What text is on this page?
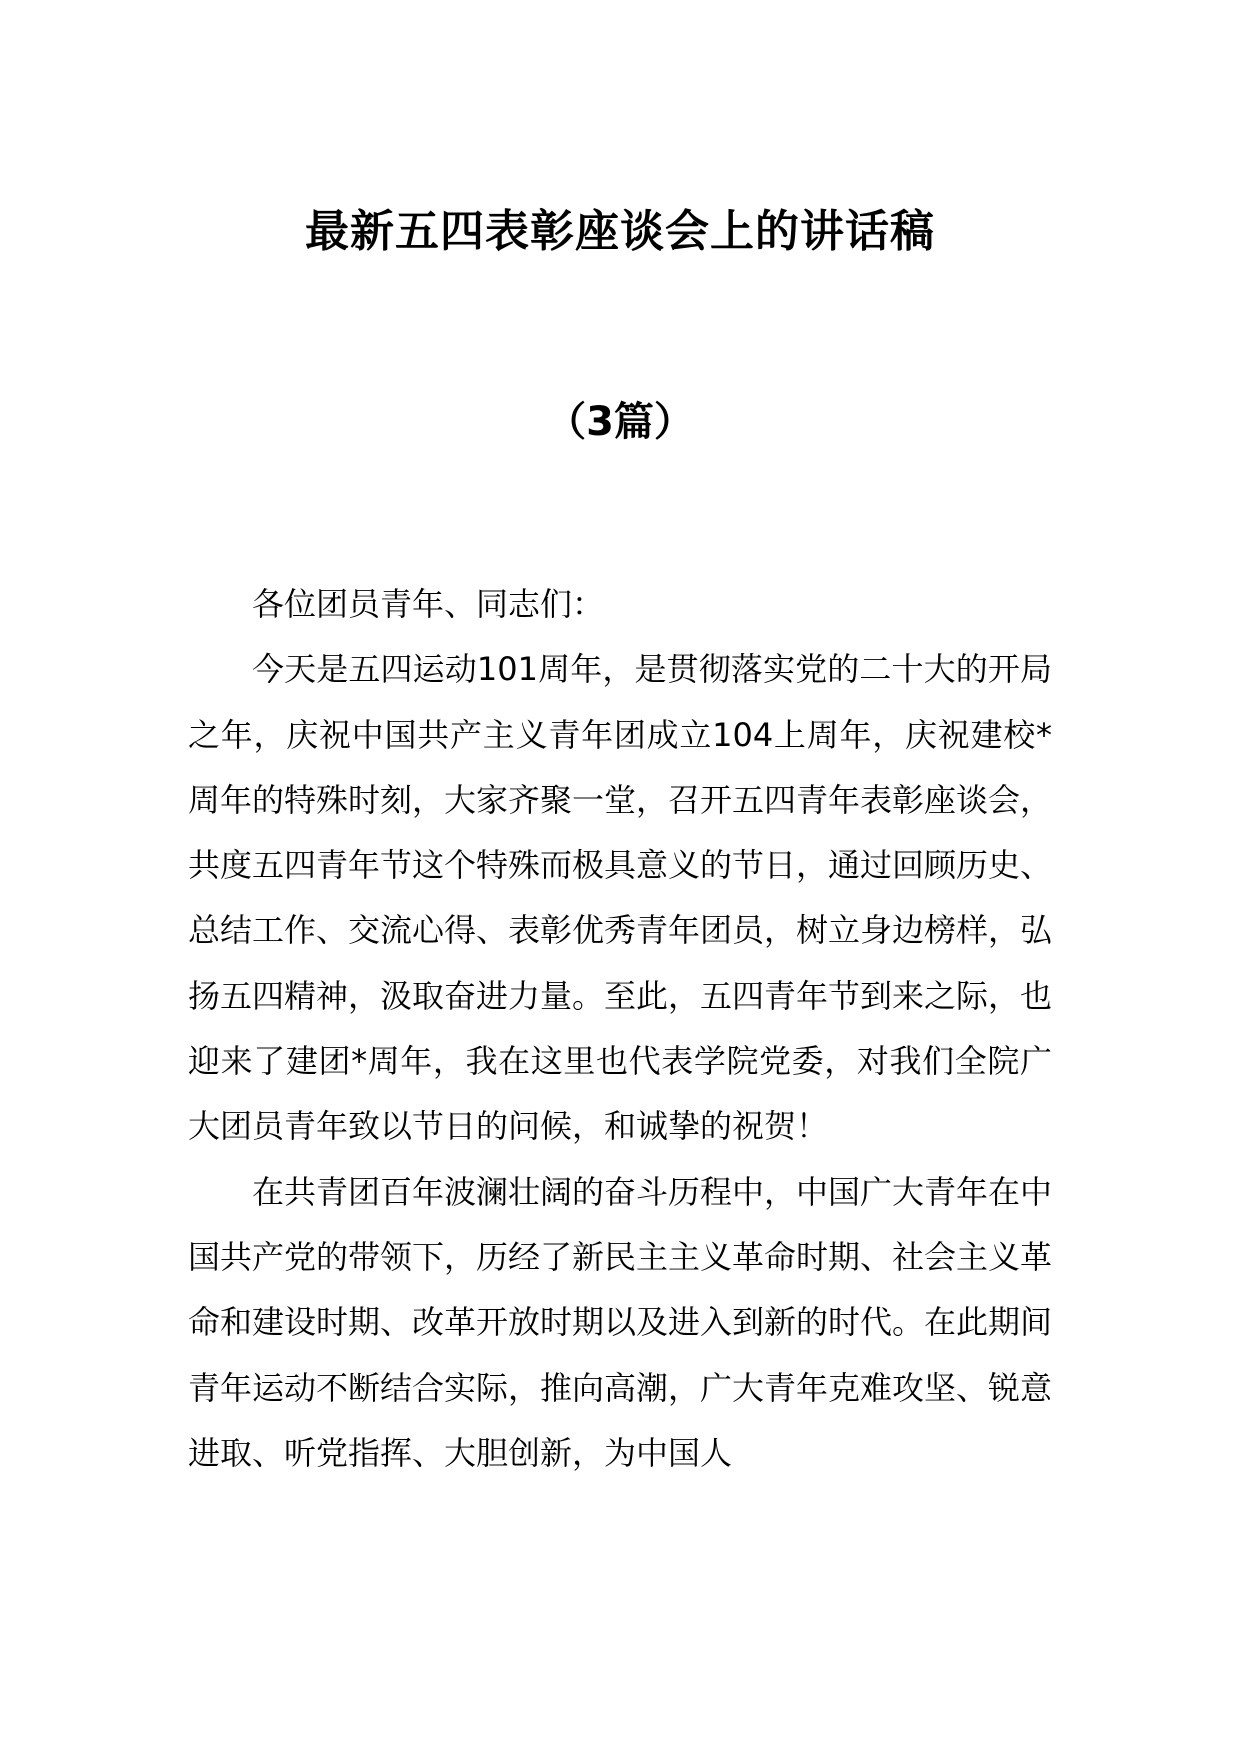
最新五四表彰座谈会上的讲话稿
（3篇）

各位团员青年、同志们：

今天是五四运动101周年，是贯彻落实党的二十大的开局之年，庆祝中国共产主义青年团成立104上周年，庆祝建校*周年的特殊时刻，大家齐聚一堂，召开五四青年表彰座谈会，共度五四青年节这个特殊而极具意义的节日，通过回顾历史、总结工作、交流心得、表彰优秀青年团员，树立身边榜样，弘扬五四精神，汲取奋进力量。至此，五四青年节到来之际，也迎来了建团*周年，我在这里也代表学院党委，对我们全院广大团员青年致以节日的问候，和诚挚的祝贺！

在共青团百年波澜壮阔的奋斗历程中，中国广大青年在中国共产党的带领下，历经了新民主主义革命时期、社会主义革命和建设时期、改革开放时期以及进入到新的时代。在此期间青年运动不断结合实际，推向高潮，广大青年克难攻坚、锐意进取、听党指挥、大胆创新，为中国人
